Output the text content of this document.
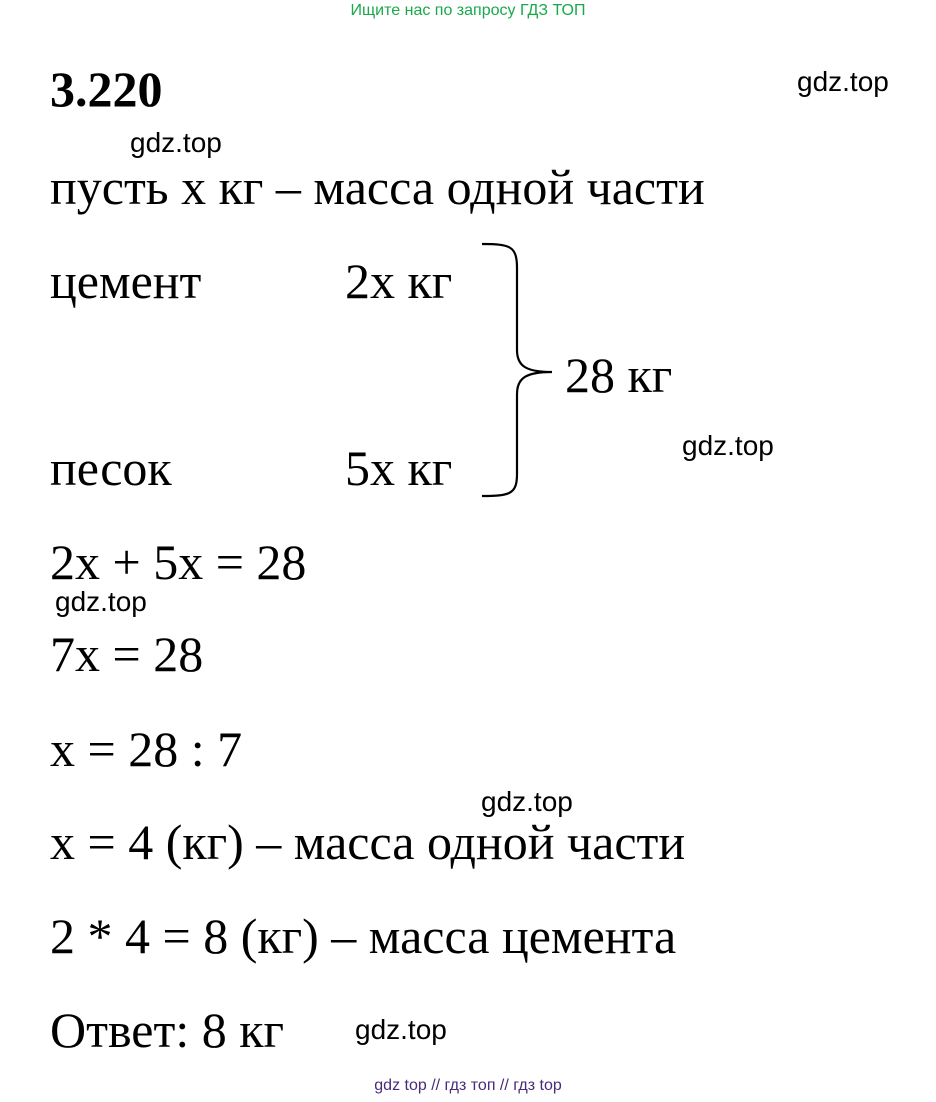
Ищите нас по запросу ГДЗ ТОП
3.220	gdz.top
gdz.top
пусть х кг – масса одной части
цемент	2х кг
28 кг
gdz.top
песок	5х кг
2х + 5х = 28
gdz.top
7х = 28
х = 28 : 7
gdz.top
х = 4 (кг) – масса одной части
2 * 4 = 8 (кг) – масса цемента
Ответ: 8 кг	gdz.top
gdz top // гдз топ // гдз top
